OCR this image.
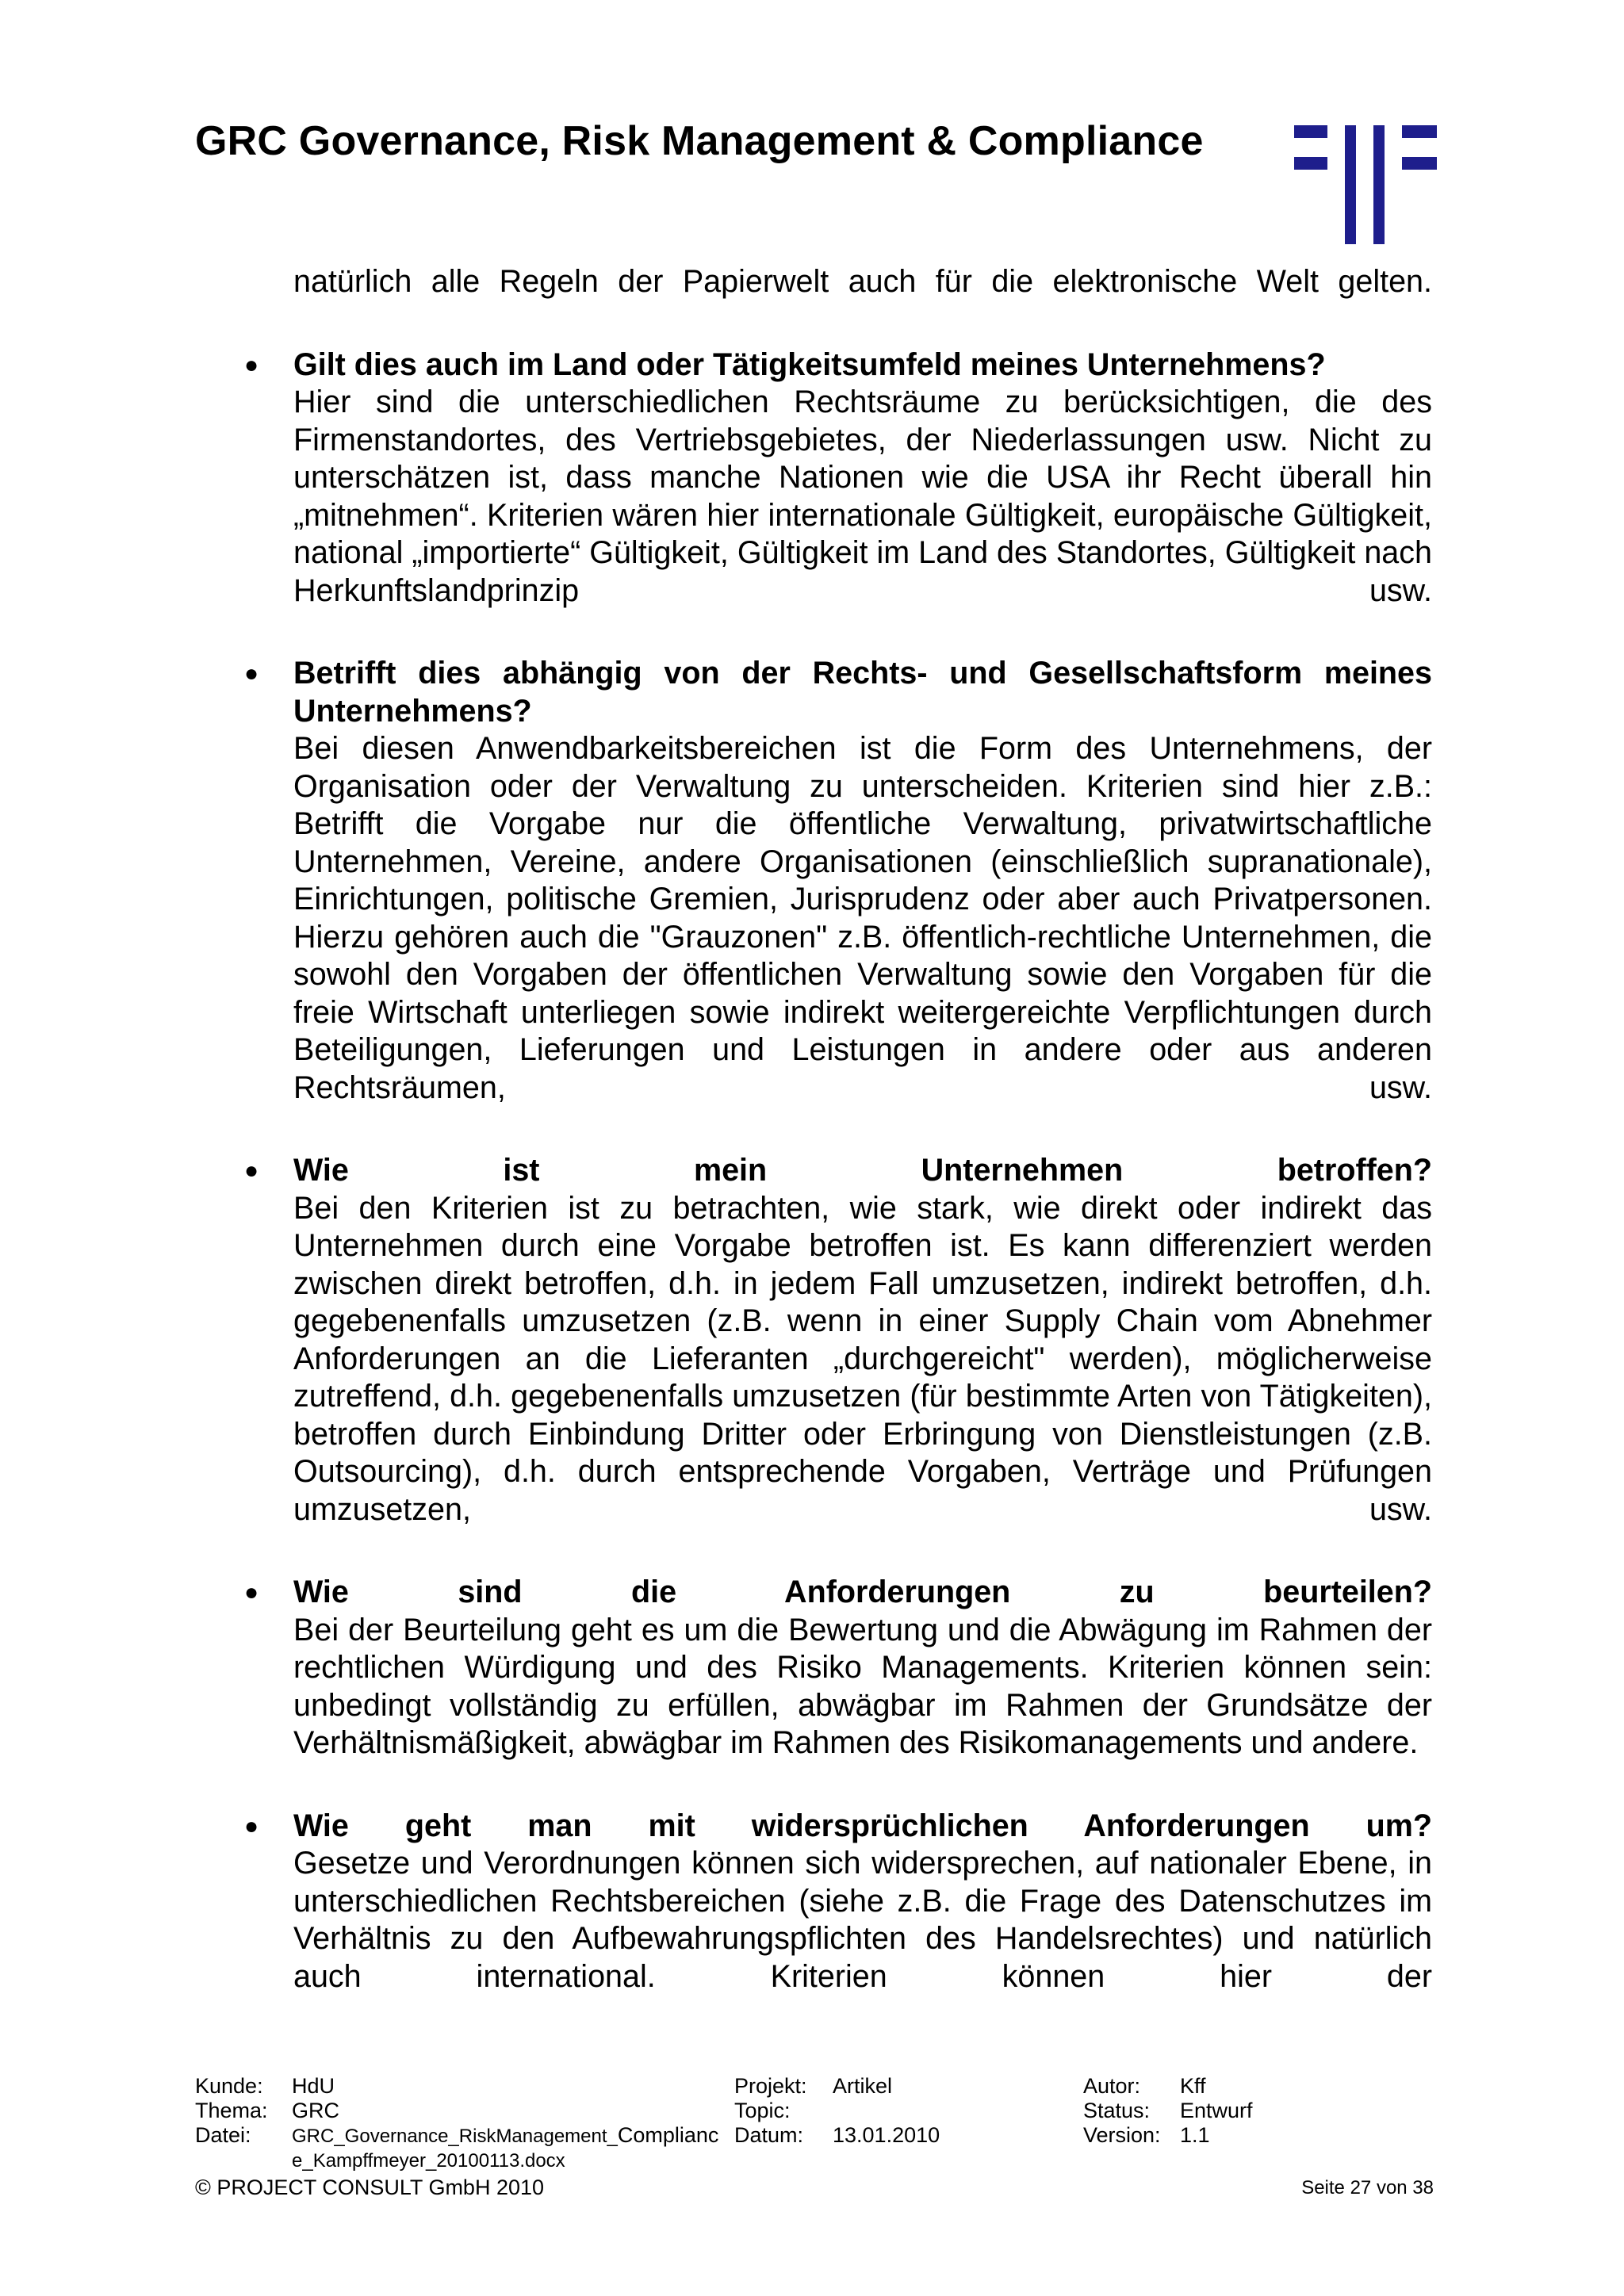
GRC Governance, Risk Management & Compliance

natürlich alle Regeln der Papierwelt auch für die elektronische Welt gelten.

● Gilt dies auch im Land oder Tätigkeitsumfeld meines Unternehmens?

Hier sind die unterschiedlichen Rechtsräume zu berücksichtigen, die des Firmenstandortes, des Vertriebsgebietes, der Niederlassungen usw. Nicht zu unterschätzen ist, dass manche Nationen wie die USA ihr Recht überall hin „mitnehmen“. Kriterien wären hier internationale Gültigkeit, europäische Gültigkeit, national „importierte“ Gültigkeit, Gültigkeit im Land des Standortes, Gültigkeit nach Herkunftslandprinzip usw.

● Betrifft dies abhängig von der Rechts- und Gesellschaftsform meines Unternehmens?

Bei diesen Anwendbarkeitsbereichen ist die Form des Unternehmens, der Organisation oder der Verwaltung zu unterscheiden. Kriterien sind hier z.B.: Betrifft die Vorgabe nur die öffentliche Verwaltung, privatwirtschaftliche Unternehmen, Vereine, andere Organisationen (einschließlich supranationale), Einrichtungen, politische Gremien, Jurisprudenz oder aber auch Privatpersonen. Hierzu gehören auch die "Grauzonen" z.B. öffentlich-rechtliche Unternehmen, die sowohl den Vorgaben der öffentlichen Verwaltung sowie den Vorgaben für die freie Wirtschaft unterliegen sowie indirekt weitergereichte Verpflichtungen durch Beteiligungen, Lieferungen und Leistungen in andere oder aus anderen Rechtsräumen, usw.

● Wie ist mein Unternehmen betroffen?

Bei den Kriterien ist zu betrachten, wie stark, wie direkt oder indirekt das Unternehmen durch eine Vorgabe betroffen ist. Es kann differenziert werden zwischen direkt betroffen, d.h. in jedem Fall umzusetzen, indirekt betroffen, d.h. gegebenenfalls umzusetzen (z.B. wenn in einer Supply Chain vom Abnehmer Anforderungen an die Lieferanten „durchgereicht" werden), möglicherweise zutreffend, d.h. gegebenenfalls umzusetzen (für bestimmte Arten von Tätigkeiten), betroffen durch Einbindung Dritter oder Erbringung von Dienstleistungen (z.B. Outsourcing), d.h. durch entsprechende Vorgaben, Verträge und Prüfungen umzusetzen, usw.

● Wie sind die Anforderungen zu beurteilen?

Bei der Beurteilung geht es um die Bewertung und die Abwägung im Rahmen der rechtlichen Würdigung und des Risiko Managements. Kriterien können sein: unbedingt vollständig zu erfüllen, abwägbar im Rahmen der Grundsätze der Verhältnismäßigkeit, abwägbar im Rahmen des Risikomanagements und andere.

● Wie geht man mit widersprüchlichen Anforderungen um?

Gesetze und Verordnungen können sich widersprechen, auf nationaler Ebene, in unterschiedlichen Rechtsbereichen (siehe z.B. die Frage des Datenschutzes im Verhältnis zu den Aufbewahrungspflichten des Handelsrechtes) und natürlich auch international. Kriterien können hier der

Kunde:
Thema:
Datei:
HdU
GRC
GRC_Governance_RiskManagement_Complianc
e_Kampffmeyer_20100113.docx
Projekt:
Topic:
Datum:
Artikel

13.01.2010
Autor:
Status:
Version:
Kff
Entwurf
1.1
© PROJECT CONSULT GmbH 2010	Seite 27 von 38
